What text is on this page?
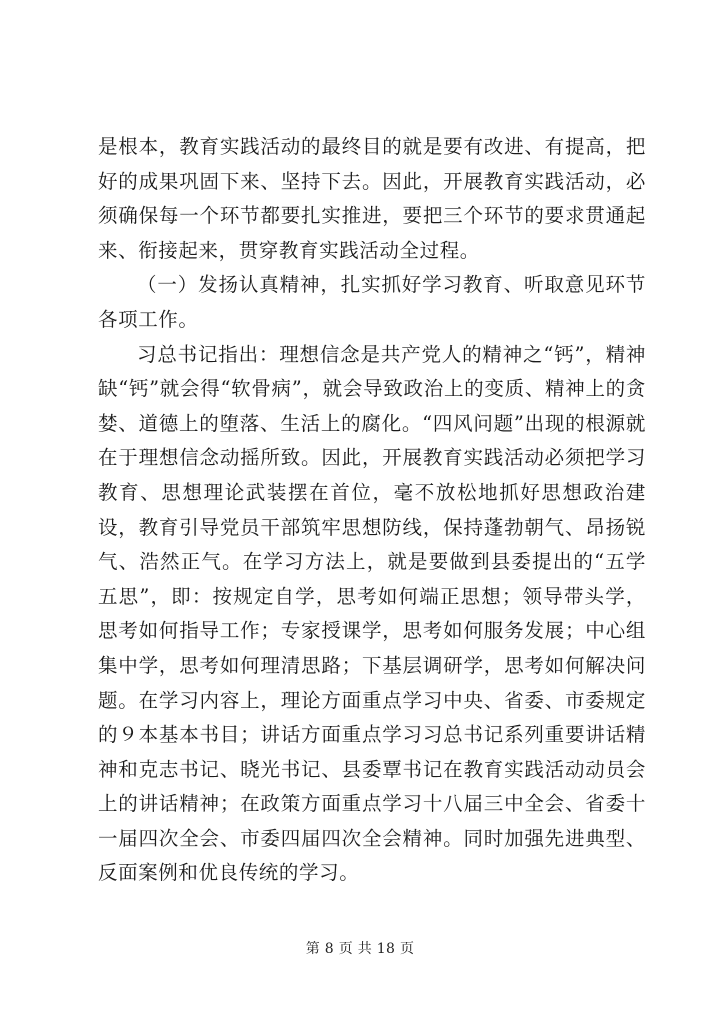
是根本，教育实践活动的最终目的就是要有改进、有提高，把好的成果巩固下来、坚持下去。因此，开展教育实践活动，必须确保每一个环节都要扎实推进，要把三个环节的要求贯通起来、衔接起来，贯穿教育实践活动全过程。

（一）发扬认真精神，扎实抓好学习教育、听取意见环节各项工作。

习总书记指出：理想信念是共产党人的精神之“钙”，精神缺“钙”就会得“软骨病”，就会导致政治上的变质、精神上的贪婪、道德上的堕落、生活上的腐化。“四风问题”出现的根源就在于理想信念动摇所致。因此，开展教育实践活动必须把学习教育、思想理论武装摆在首位，毫不放松地抓好思想政治建设，教育引导党员干部筑牢思想防线，保持蓬勃朝气、昂扬锐气、浩然正气。在学习方法上，就是要做到县委提出的“五学五思”，即：按规定自学，思考如何端正思想；领导带头学，思考如何指导工作；专家授课学，思考如何服务发展；中心组集中学，思考如何理清思路；下基层调研学，思考如何解决问题。在学习内容上，理论方面重点学习中央、省委、市委规定的９本基本书目；讲话方面重点学习习总书记系列重要讲话精神和克志书记、晓光书记、县委覃书记在教育实践活动动员会上的讲话精神；在政策方面重点学习十八届三中全会、省委十一届四次全会、市委四届四次全会精神。同时加强先进典型、反面案例和优良传统的学习。

第 8 页 共 18 页
